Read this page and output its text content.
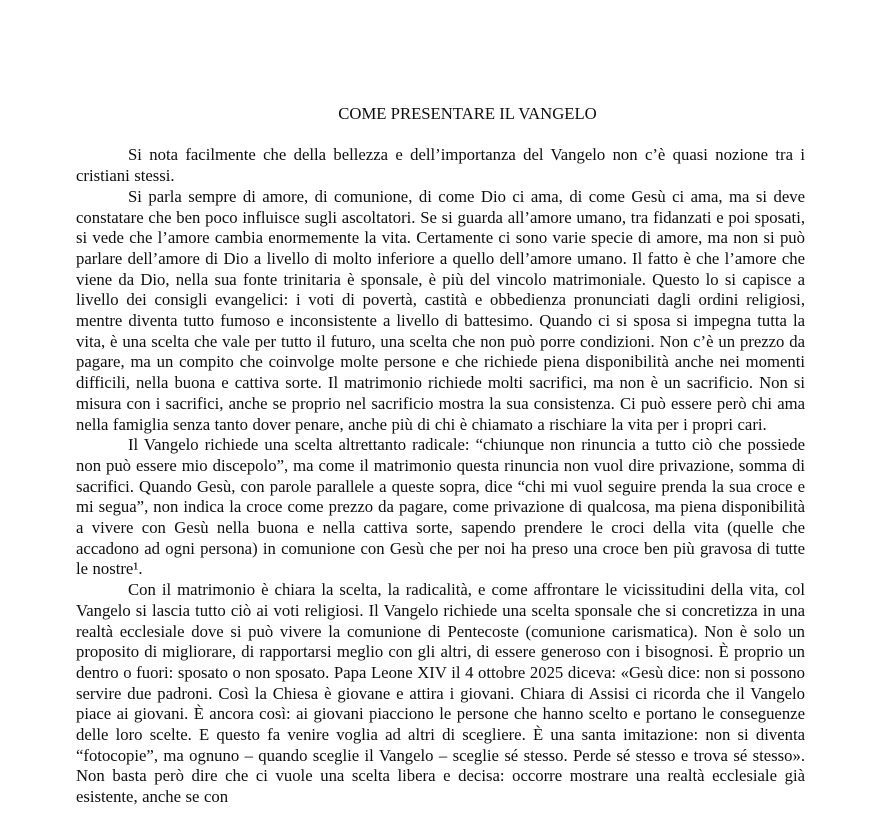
COME PRESENTARE IL VANGELO

Si nota facilmente che della bellezza e dell’importanza del Vangelo non c’è quasi nozione tra i cristiani stessi.

Si parla sempre di amore, di comunione, di come Dio ci ama, di come Gesù ci ama, ma si deve constatare che ben poco influisce sugli ascoltatori. Se si guarda all’amore umano, tra fidanzati e poi sposati, si vede che l’amore cambia enormemente la vita. Certamente ci sono varie specie di amore, ma non si può parlare dell’amore di Dio a livello di molto inferiore a quello dell’amore umano. Il fatto è che l’amore che viene da Dio, nella sua fonte trinitaria è sponsale, è più del vincolo matrimoniale. Questo lo si capisce a livello dei consigli evangelici: i voti di povertà, castità e obbedienza pronunciati dagli ordini religiosi, mentre diventa tutto fumoso e inconsistente a livello di battesimo. Quando ci si sposa si impegna tutta la vita, è una scelta che vale per tutto il futuro, una scelta che non può porre condizioni. Non c’è un prezzo da pagare, ma un compito che coinvolge molte persone e che richiede piena disponibilità anche nei momenti difficili, nella buona e cattiva sorte. Il matrimonio richiede molti sacrifici, ma non è un sacrificio. Non si misura con i sacrifici, anche se proprio nel sacrificio mostra la sua consistenza. Ci può essere però chi ama nella famiglia senza tanto dover penare, anche più di chi è chiamato a rischiare la vita per i propri cari.

Il Vangelo richiede una scelta altrettanto radicale: “chiunque non rinuncia a tutto ciò che possiede non può essere mio discepolo”, ma come il matrimonio questa rinuncia non vuol dire privazione, somma di sacrifici. Quando Gesù, con parole parallele a queste sopra, dice “chi mi vuol seguire prenda la sua croce e mi segua”, non indica la croce come prezzo da pagare, come privazione di qualcosa, ma piena disponibilità a vivere con Gesù nella buona e nella cattiva sorte, sapendo prendere le croci della vita (quelle che accadono ad ogni persona) in comunione con Gesù che per noi ha preso una croce ben più gravosa di tutte le nostre¹.

Con il matrimonio è chiara la scelta, la radicalità, e come affrontare le vicissitudini della vita, col Vangelo si lascia tutto ciò ai voti religiosi. Il Vangelo richiede una scelta sponsale che si concretizza in una realtà ecclesiale dove si può vivere la comunione di Pentecoste (comunione carismatica). Non è solo un proposito di migliorare, di rapportarsi meglio con gli altri, di essere generoso con i bisognosi. È proprio un dentro o fuori: sposato o non sposato. Papa Leone XIV il 4 ottobre 2025 diceva: «Gesù dice: non si possono servire due padroni. Così la Chiesa è giovane e attira i giovani. Chiara di Assisi ci ricorda che il Vangelo piace ai giovani. È ancora così: ai giovani piacciono le persone che hanno scelto e portano le conseguenze delle loro scelte. E questo fa venire voglia ad altri di scegliere. È una santa imitazione: non si diventa “fotocopie”, ma ognuno – quando sceglie il Vangelo – sceglie sé stesso. Perde sé stesso e trova sé stesso». Non basta però dire che ci vuole una scelta libera e decisa: occorre mostrare una realtà ecclesiale già esistente, anche se con
